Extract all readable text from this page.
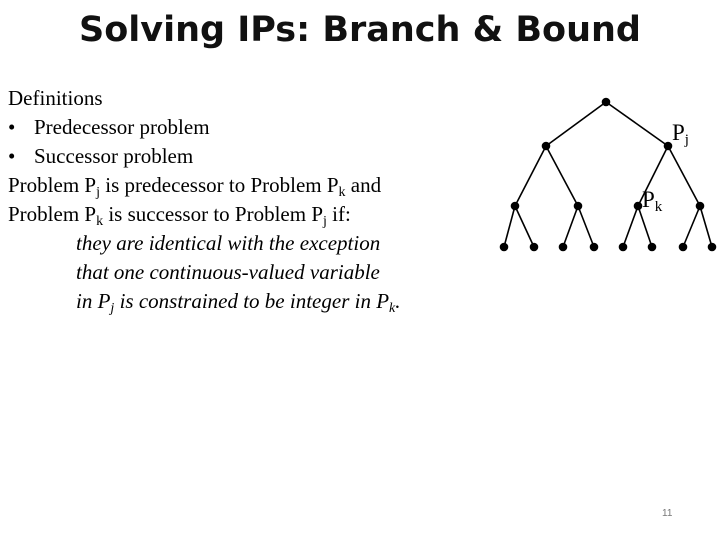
Solving IPs: Branch & Bound
Definitions
• Predecessor problem
• Successor problem
Problem $P_j$ is predecessor to Problem $P_k$ and
Problem $P_k$ is successor to Problem $P_j$ if:
they are identical with the exception
that one continuous-valued variable
in $P_j$ is constrained to be integer in $P_k$.
$P_j$
$P_k$
11
